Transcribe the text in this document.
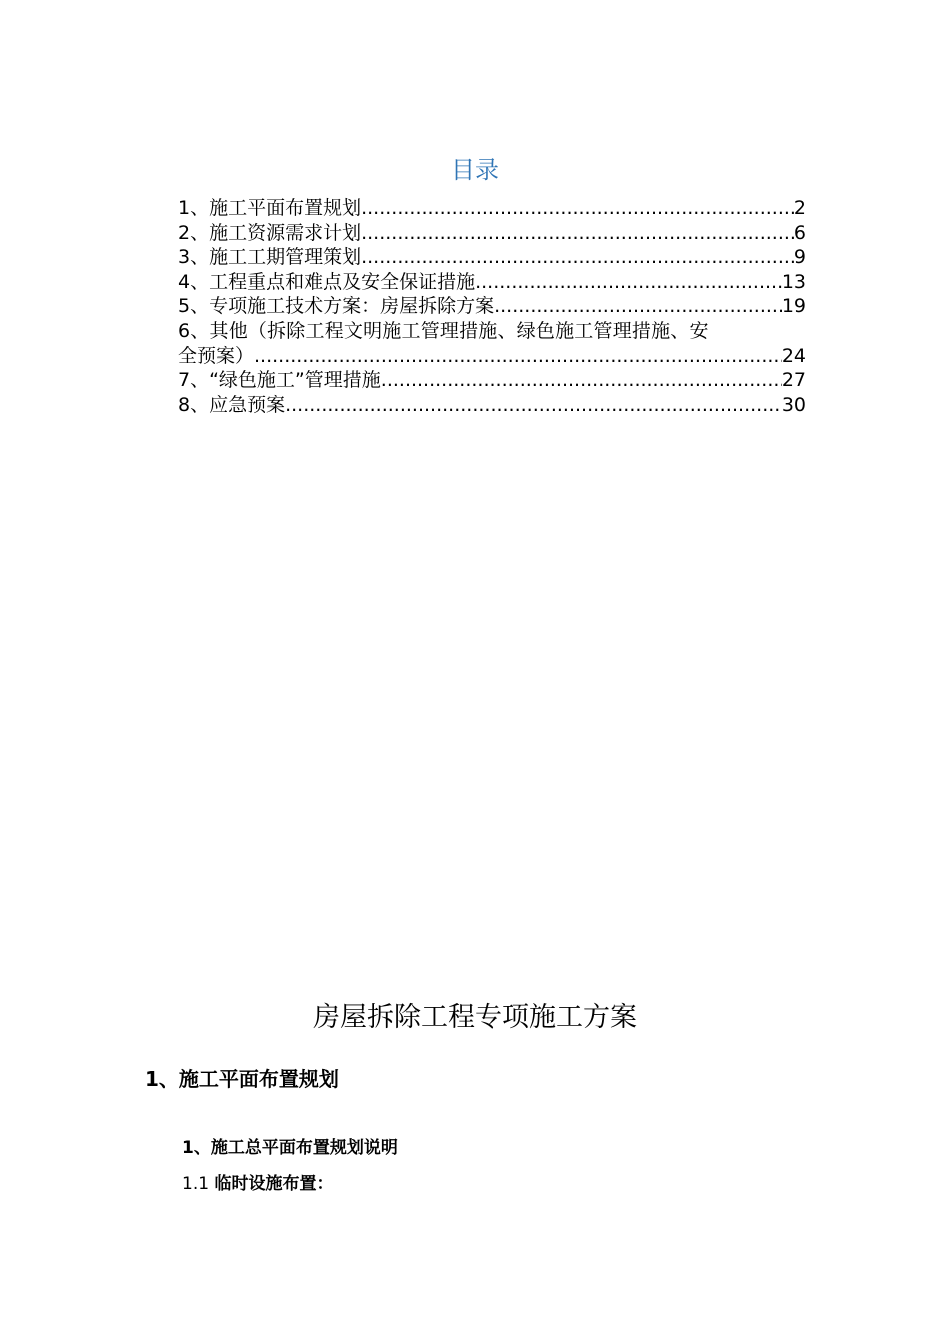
目录
1、施工平面布置规划 .....	2
2、施工资源需求计划 .....	6
3、施工工期管理策划 .....	9
4、工程重点和难点及安全保证措施 .....	13
5、专项施工技术方案：房屋拆除方案 .....	19
6、其他（拆除工程文明施工管理措施、绿色施工管理措施、安
全预案） .....	24
7、“绿色施工”管理措施 .....	27
8、应急预案 .....	30
房屋拆除工程专项施工方案
1、施工平面布置规划
1、施工总平面布置规划说明
1.1 临时设施布置：
